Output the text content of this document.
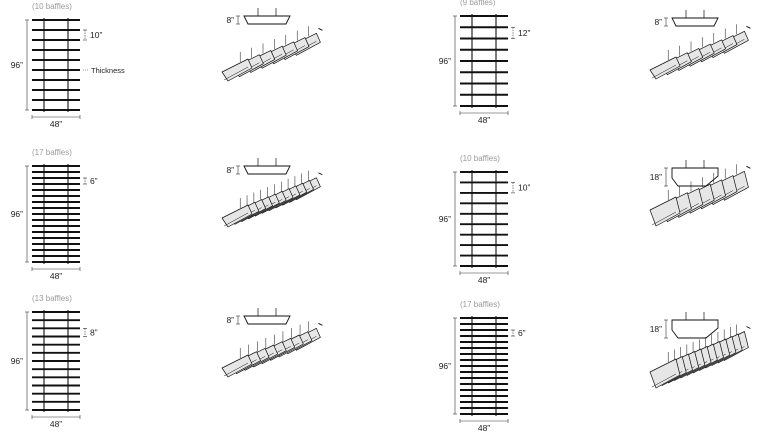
(10 baffles)
96”
48”
10”
Thickness
8”
(9 baffles)
96”
48”
12”
8”
(17 baffles)
96”
48”
6”
8”
(10 baffles)
96”
48”
10”
18”
(13 baffles)
96”
48”
8”
8”
(17 baffles)
96”
48”
6”	18”
